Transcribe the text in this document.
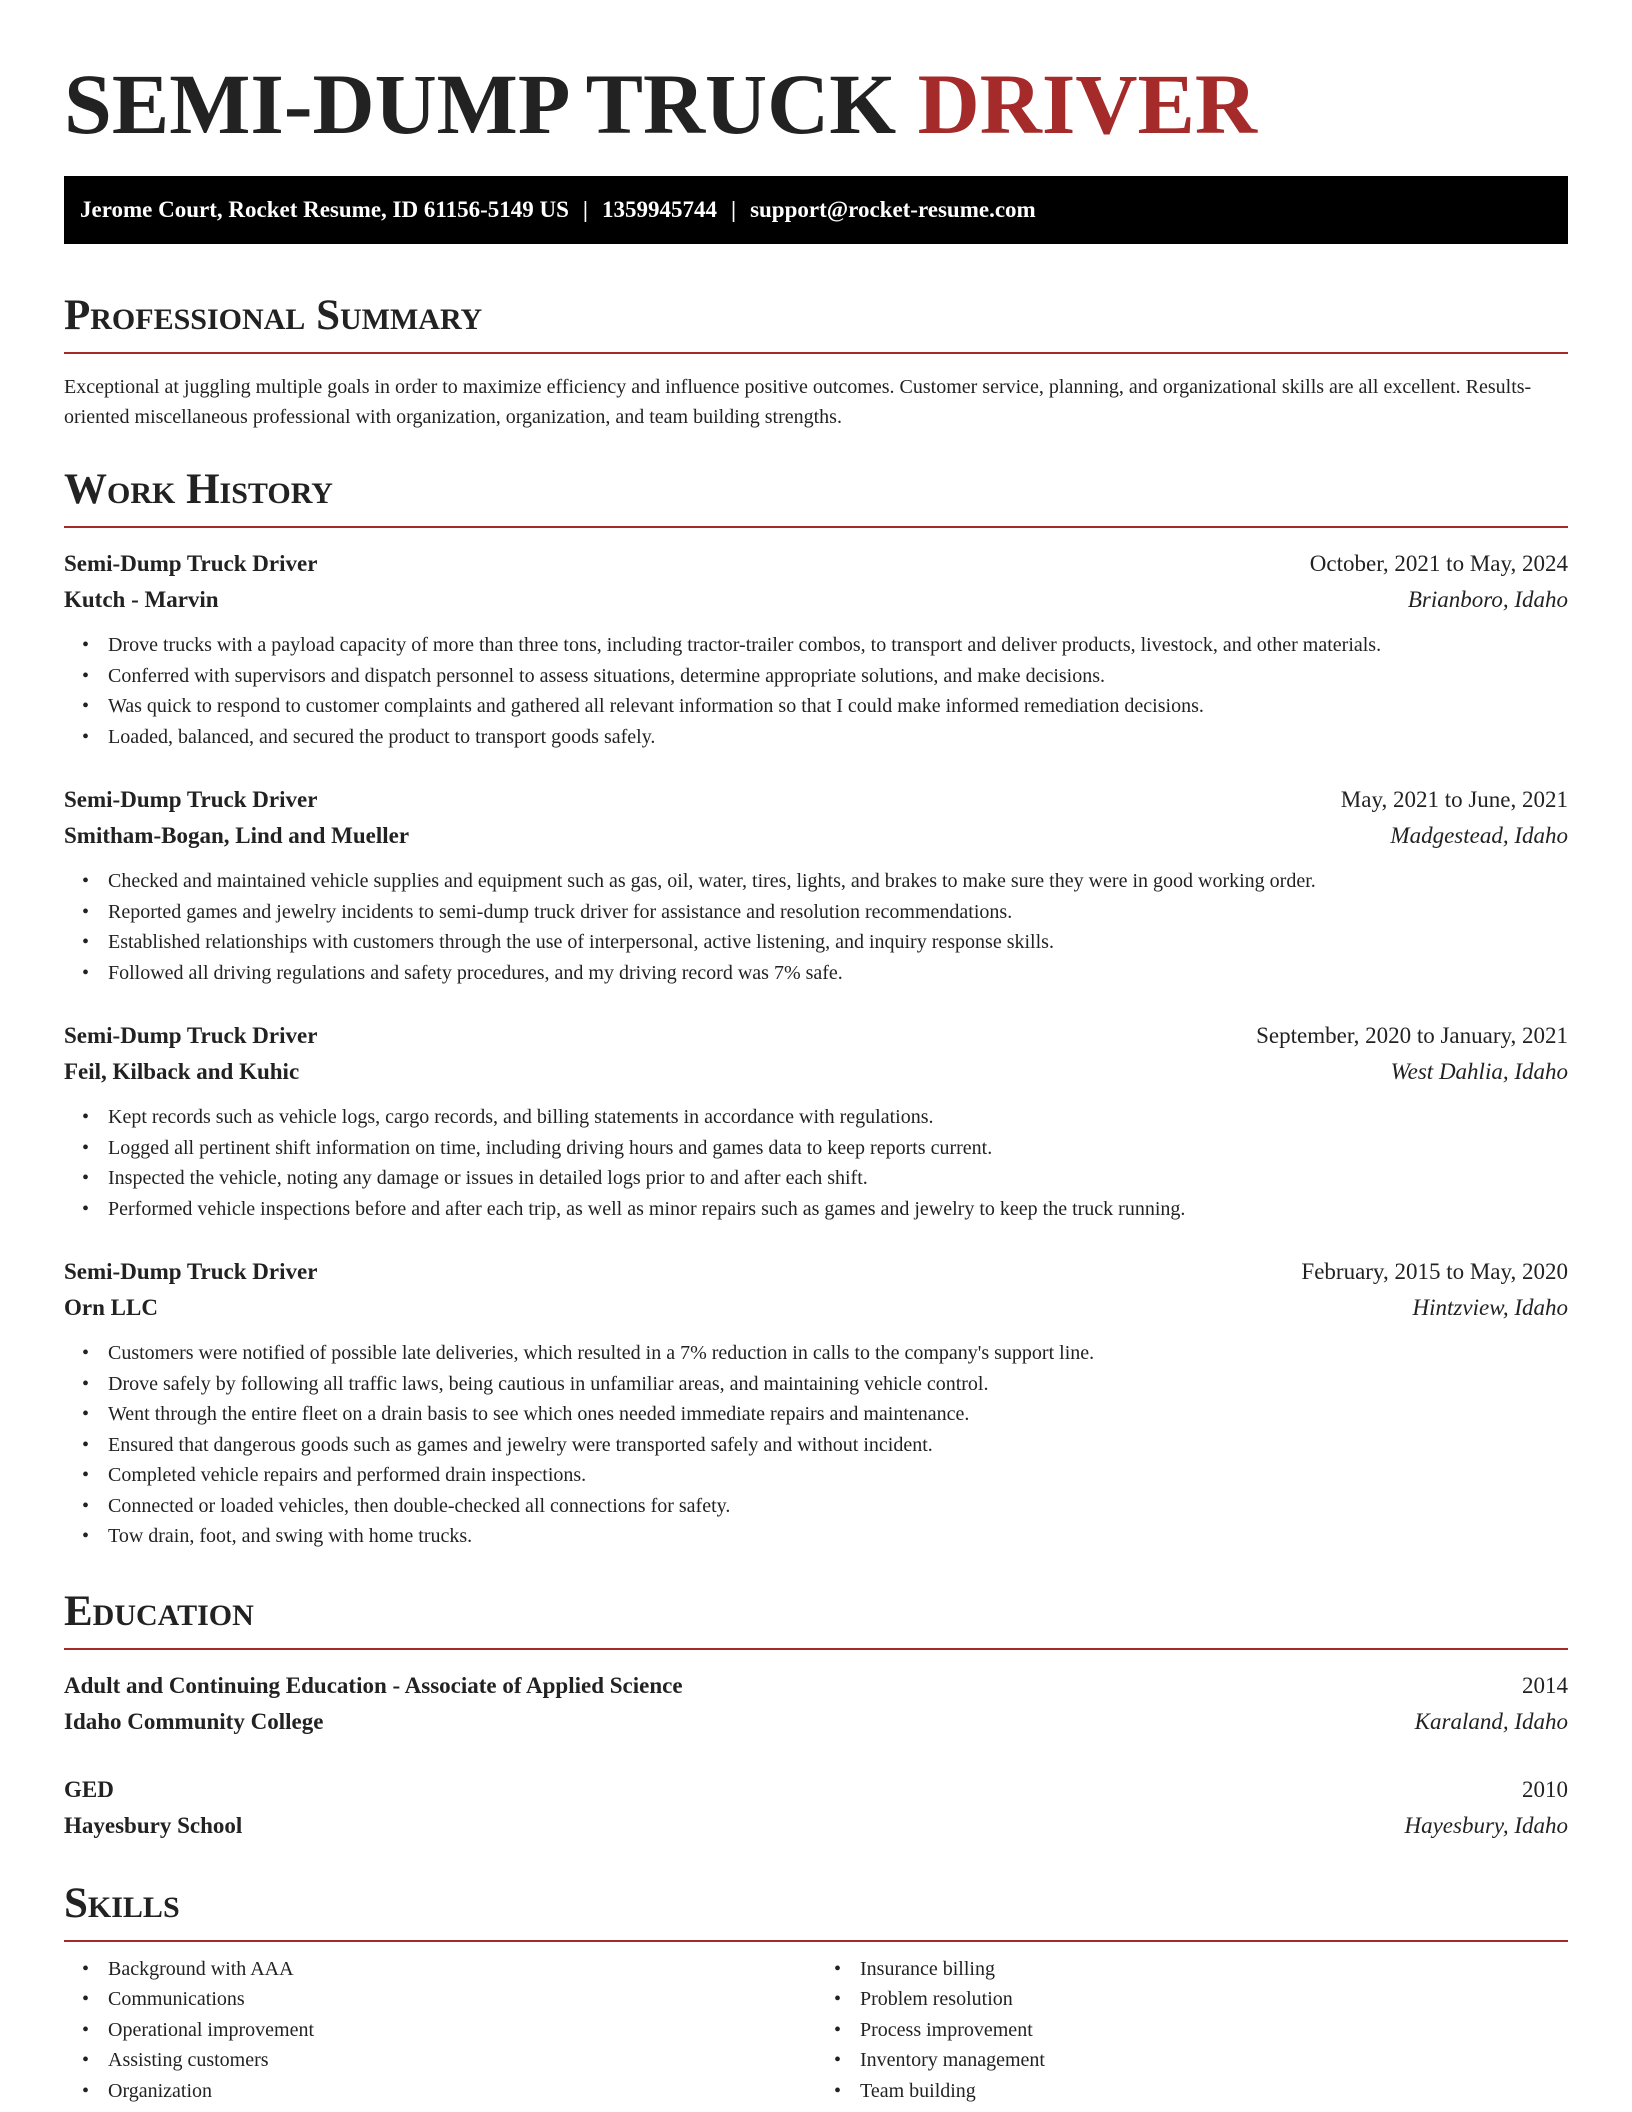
SEMI-DUMP TRUCK DRIVER
Jerome Court, Rocket Resume, ID 61156-5149 US | 1359945744 | support@rocket-resume.com
Professional Summary

Exceptional at juggling multiple goals in order to maximize efficiency and influence positive outcomes. Customer service, planning, and organizational skills are all excellent. Results-oriented miscellaneous professional with organization, organization, and team building strengths.

Work History
Semi-Dump Truck Driver	October, 2021 to May, 2024
Kutch - Marvin	Brianboro, Idaho
• Drove trucks with a payload capacity of more than three tons, including tractor-trailer combos, to transport and deliver products, livestock, and other materials.
• Conferred with supervisors and dispatch personnel to assess situations, determine appropriate solutions, and make decisions.
• Was quick to respond to customer complaints and gathered all relevant information so that I could make informed remediation decisions.
• Loaded, balanced, and secured the product to transport goods safely.
Semi-Dump Truck Driver	May, 2021 to June, 2021
Smitham-Bogan, Lind and Mueller	Madgestead, Idaho
• Checked and maintained vehicle supplies and equipment such as gas, oil, water, tires, lights, and brakes to make sure they were in good working order.
• Reported games and jewelry incidents to semi-dump truck driver for assistance and resolution recommendations.
• Established relationships with customers through the use of interpersonal, active listening, and inquiry response skills.
• Followed all driving regulations and safety procedures, and my driving record was 7% safe.
Semi-Dump Truck Driver	September, 2020 to January, 2021
Feil, Kilback and Kuhic	West Dahlia, Idaho
• Kept records such as vehicle logs, cargo records, and billing statements in accordance with regulations.
• Logged all pertinent shift information on time, including driving hours and games data to keep reports current.
• Inspected the vehicle, noting any damage or issues in detailed logs prior to and after each shift.
• Performed vehicle inspections before and after each trip, as well as minor repairs such as games and jewelry to keep the truck running.
Semi-Dump Truck Driver	February, 2015 to May, 2020
Orn LLC	Hintzview, Idaho
• Customers were notified of possible late deliveries, which resulted in a 7% reduction in calls to the company's support line.
• Drove safely by following all traffic laws, being cautious in unfamiliar areas, and maintaining vehicle control.
• Went through the entire fleet on a drain basis to see which ones needed immediate repairs and maintenance.
• Ensured that dangerous goods such as games and jewelry were transported safely and without incident.
• Completed vehicle repairs and performed drain inspections.
• Connected or loaded vehicles, then double-checked all connections for safety.
• Tow drain, foot, and swing with home trucks.
Education
Adult and Continuing Education - Associate of Applied Science	2014
Idaho Community College	Karaland, Idaho
GED	2010
Hayesbury School	Hayesbury, Idaho
Skills
• Background with AAA
• Communications
• Operational improvement
• Assisting customers
• Organization
• Insurance billing
• Problem resolution
• Process improvement
• Inventory management
• Team building
